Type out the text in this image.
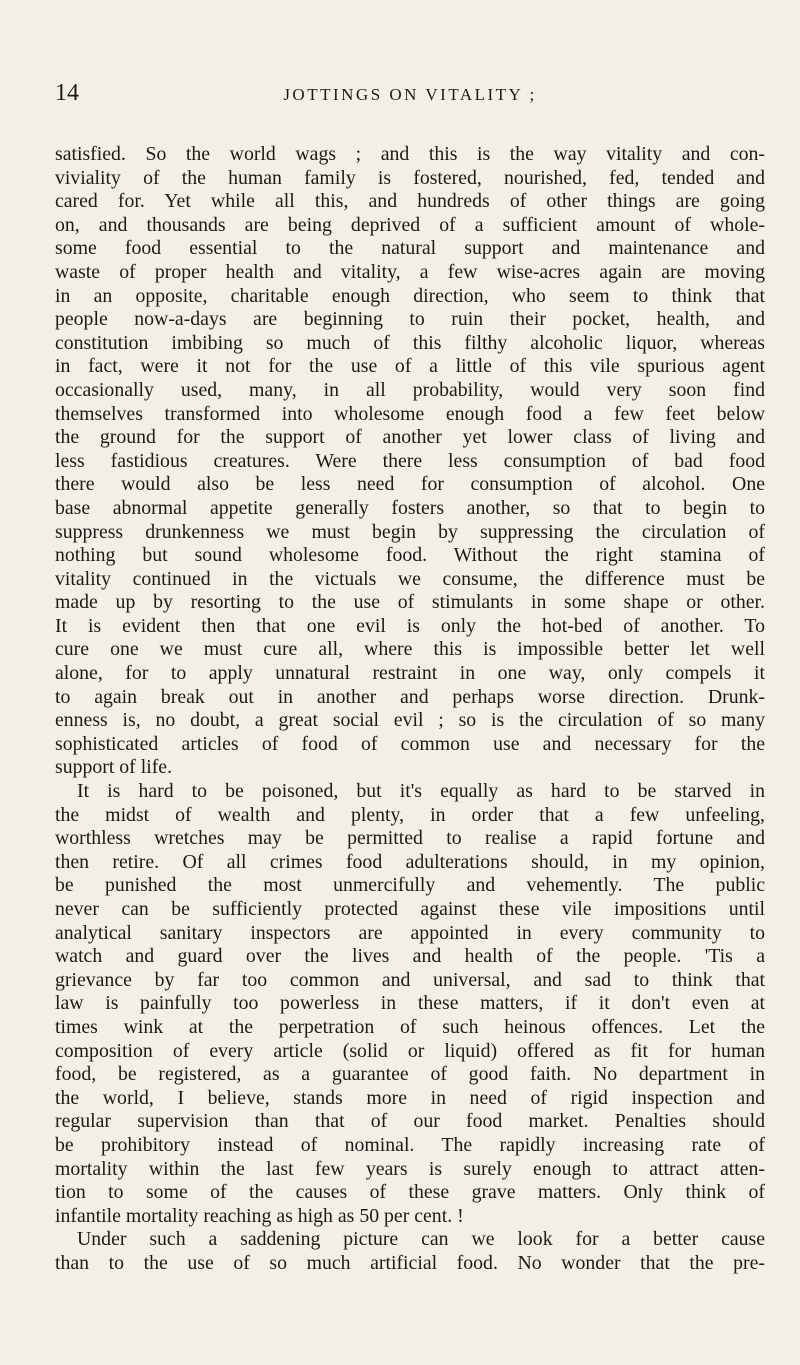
14	JOTTINGS ON VITALITY ;
satisfied. So the world wags ; and this is the way vitality and con-
viviality of the human family is fostered, nourished, fed, tended and
cared for. Yet while all this, and hundreds of other things are going
on, and thousands are being deprived of a sufficient amount of whole-
some food essential to the natural support and maintenance and
waste of proper health and vitality, a few wise-acres again are moving
in an opposite, charitable enough direction, who seem to think that
people now-a-days are beginning to ruin their pocket, health, and
constitution imbibing so much of this filthy alcoholic liquor, whereas
in fact, were it not for the use of a little of this vile spurious agent
occasionally used, many, in all probability, would very soon find
themselves transformed into wholesome enough food a few feet below
the ground for the support of another yet lower class of living and
less fastidious creatures. Were there less consumption of bad food
there would also be less need for consumption of alcohol. One
base abnormal appetite generally fosters another, so that to begin to
suppress drunkenness we must begin by suppressing the circulation of
nothing but sound wholesome food. Without the right stamina of
vitality continued in the victuals we consume, the difference must be
made up by resorting to the use of stimulants in some shape or other.
It is evident then that one evil is only the hot-bed of another. To
cure one we must cure all, where this is impossible better let well
alone, for to apply unnatural restraint in one way, only compels it
to again break out in another and perhaps worse direction. Drunk-
enness is, no doubt, a great social evil ; so is the circulation of so many
sophisticated articles of food of common use and necessary for the
support of life.
It is hard to be poisoned, but it's equally as hard to be starved in
the midst of wealth and plenty, in order that a few unfeeling,
worthless wretches may be permitted to realise a rapid fortune and
then retire. Of all crimes food adulterations should, in my opinion,
be punished the most unmercifully and vehemently. The public
never can be sufficiently protected against these vile impositions until
analytical sanitary inspectors are appointed in every community to
watch and guard over the lives and health of the people. 'Tis a
grievance by far too common and universal, and sad to think that
law is painfully too powerless in these matters, if it don't even at
times wink at the perpetration of such heinous offences. Let the
composition of every article (solid or liquid) offered as fit for human
food, be registered, as a guarantee of good faith. No department in
the world, I believe, stands more in need of rigid inspection and
regular supervision than that of our food market. Penalties should
be prohibitory instead of nominal. The rapidly increasing rate of
mortality within the last few years is surely enough to attract atten-
tion to some of the causes of these grave matters. Only think of
infantile mortality reaching as high as 50 per cent. !
Under such a saddening picture can we look for a better cause
than to the use of so much artificial food. No wonder that the pre-
